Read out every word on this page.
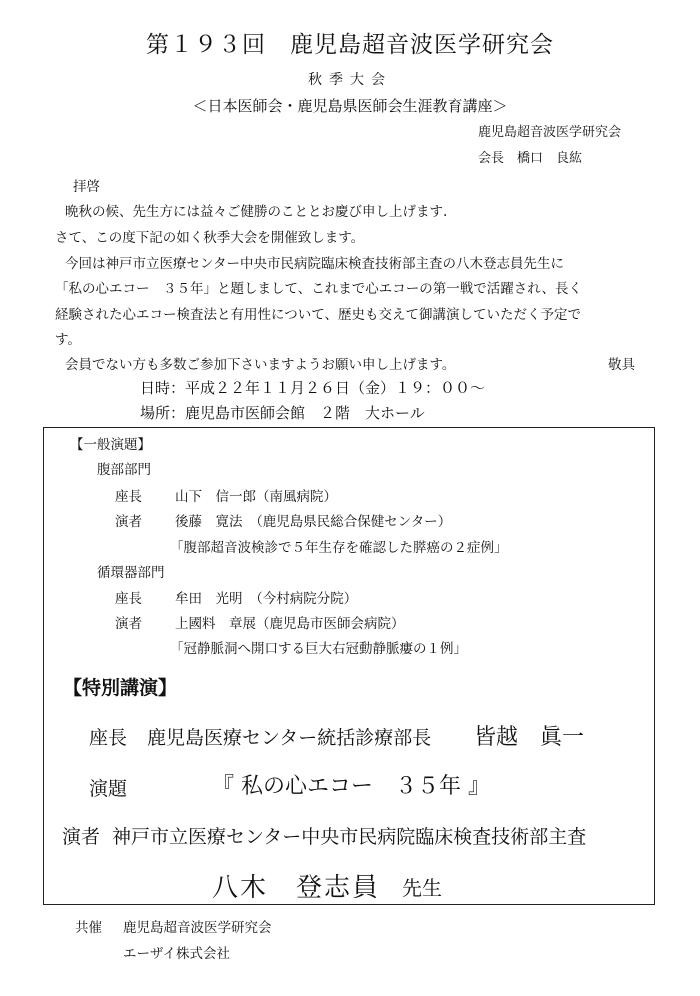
第１９３回　鹿児島超音波医学研究会
秋季大会
＜日本医師会・鹿児島県医師会生涯教育講座＞
鹿児島超音波医学研究会
会長　橋口　良紘
拝啓
晩秋の候、先生方には益々ご健勝のこととお慶び申し上げます.
さて、この度下記の如く秋季大会を開催致します。
今回は神戸市立医療センター中央市民病院臨床検査技術部主査の八木登志員先生に
「私の心エコー　３５年」と題しまして、これまで心エコーの第一戦で活躍され、長く
経験された心エコー検査法と有用性について、歴史も交えて御講演していただく予定で
す。
会員でない方も多数ご参加下さいますようお願い申し上げます。	敬具
日時：平成２２年１１月２６日（金）１９：００～
場所：鹿児島市医師会館　２階　大ホール
【一般演題】
腹部部門
座長 山下　信一郎（南風病院）
演者 後藤　寛法　（鹿児島県民総合保健センター）
「腹部超音波検診で５年生存を確認した膵癌の２症例」
循環器部門
座長 牟田　光明　（今村病院分院）
演者 上國料　章展（鹿児島市医師会病院）
「冠静脈洞へ開口する巨大右冠動静脈瘻の１例」
【特別講演】
座長 鹿児島医療センター統括診療部長 皆越　眞一
演題	『 私の心エコー　３５年 』
演者 神戸市立医療センター中央市民病院臨床検査技術部主査
八木　登志員 先生
共催 鹿児島超音波医学研究会
エーザイ株式会社
